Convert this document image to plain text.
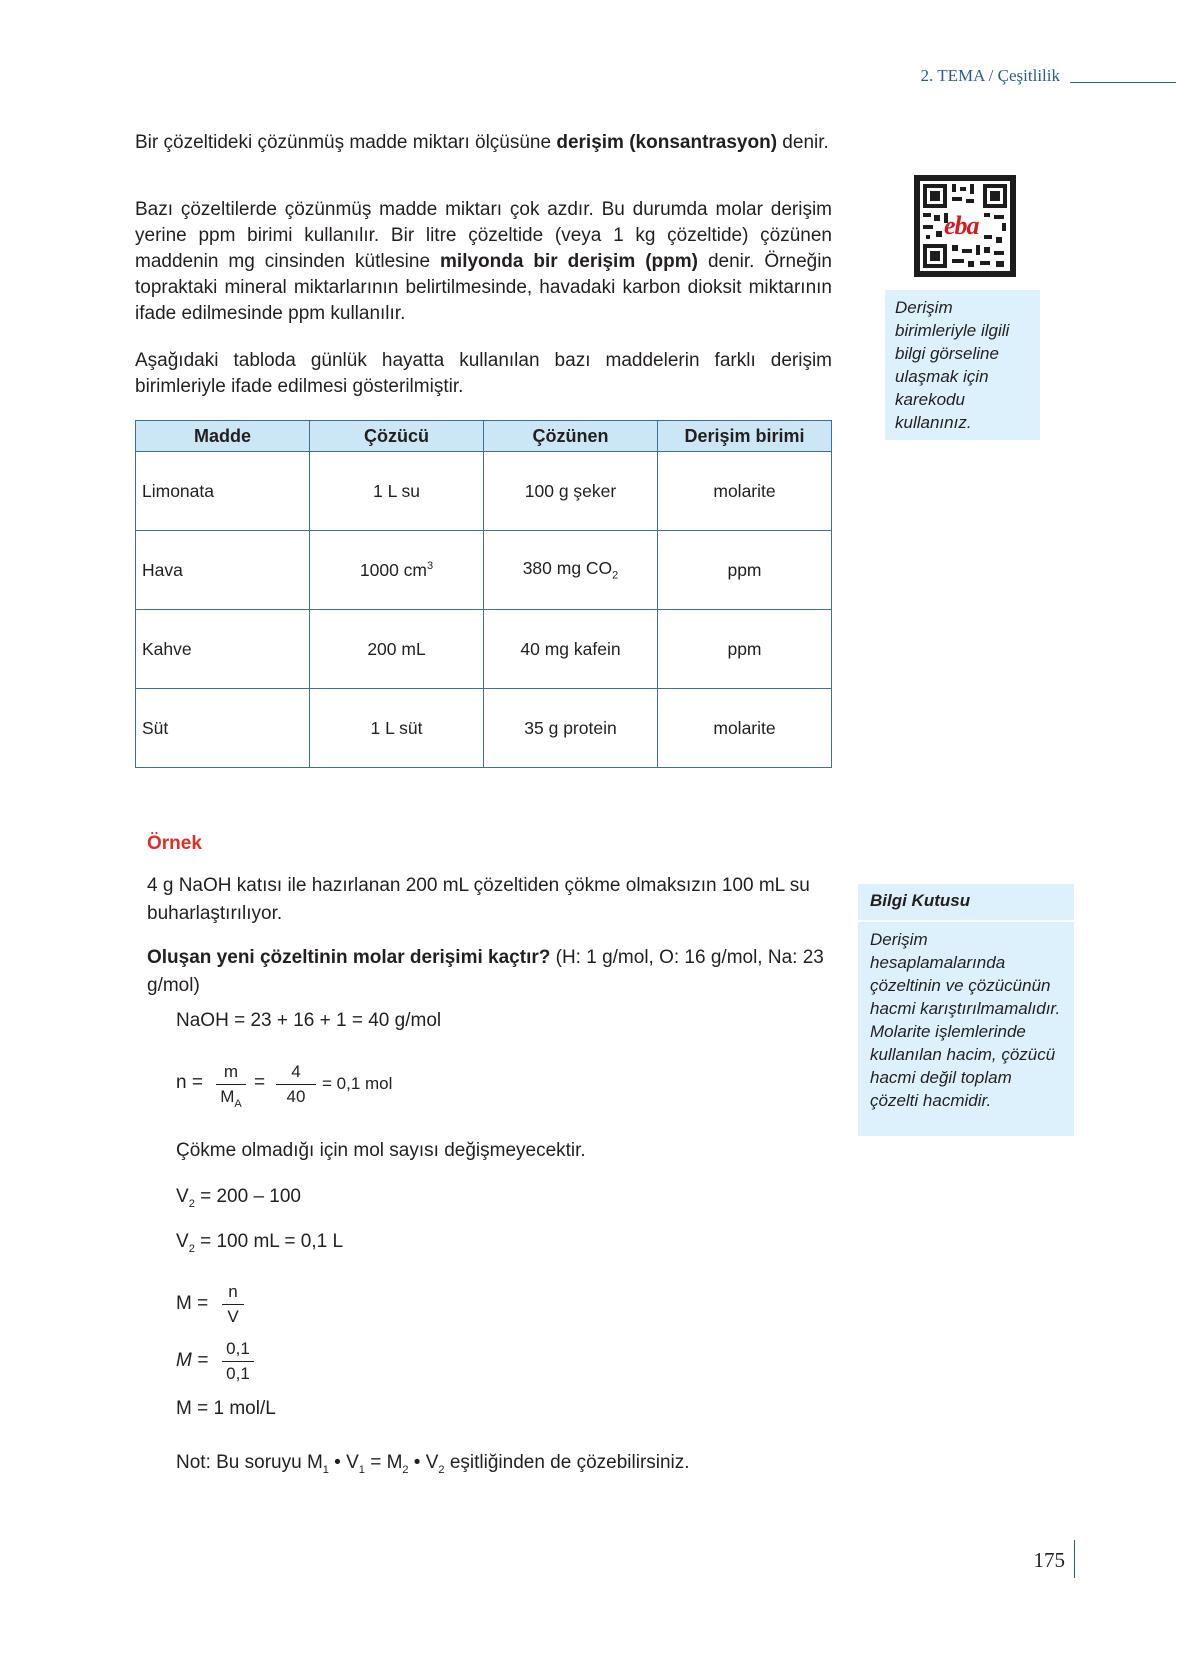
2. TEMA / Çeşitlilik
Bir çözeltideki çözünmüş madde miktarı ölçüsüne derişim (konsantrasyon) denir.
Bazı çözeltilerde çözünmüş madde miktarı çok azdır. Bu durumda molar derişim yerine ppm birimi kullanılır. Bir litre çözeltide (veya 1 kg çözeltide) çözünen maddenin mg cinsinden kütlesine milyonda bir derişim (ppm) denir. Örneğin topraktaki mineral miktarlarının belirtilmesinde, havadaki karbon dioksit miktarının ifade edilmesinde ppm kullanılır.
Aşağıdaki tabloda günlük hayatta kullanılan bazı maddelerin farklı derişim birimleriyle ifade edilmesi gösterilmiştir.
eba
Derişim birimleriyle ilgili bilgi görseline ulaşmak için karekodu kullanınız.
Madde	Çözücü	Çözünen	Derişim birimi
Limonata	1 L su	100 g şeker	molarite
Hava	1000 $cm^3$	380 mg $CO_2$	ppm
Kahve	200 mL	40 mg kafein	ppm
Süt	1 L süt	35 g protein	molarite
Örnek
4 g NaOH katısı ile hazırlanan 200 mL çözeltiden çökme olmaksızın 100 mL su buharlaştırılıyor.
Oluşan yeni çözeltinin molar derişimi kaçtır? (H: 1 g/mol, O: 16 g/mol, Na: 23 g/mol)
NaOH = 23 + 16 + 1 = 40 g/mol
n =
m
$M_A$
=
4
40
= 0,1 mol
Çökme olmadığı için mol sayısı değişmeyecektir.
$V_2 = 200 - 100$
$V_2 = 100$ mL = 0,1 L
M =
n
V
M =
0,1
0,1
M = 1 mol/L
Not: Bu soruyu $M_1$ • $V_1 = M_2$ • $V_2$ eşitliğinden de çözebilirsiniz.
Bilgi Kutusu
Derişim hesaplamalarında çözeltinin ve çözücünün hacmi karıştırılmamalıdır. Molarite işlemlerinde kullanılan hacim, çözücü hacmi değil toplam çözelti hacmidir.
175
